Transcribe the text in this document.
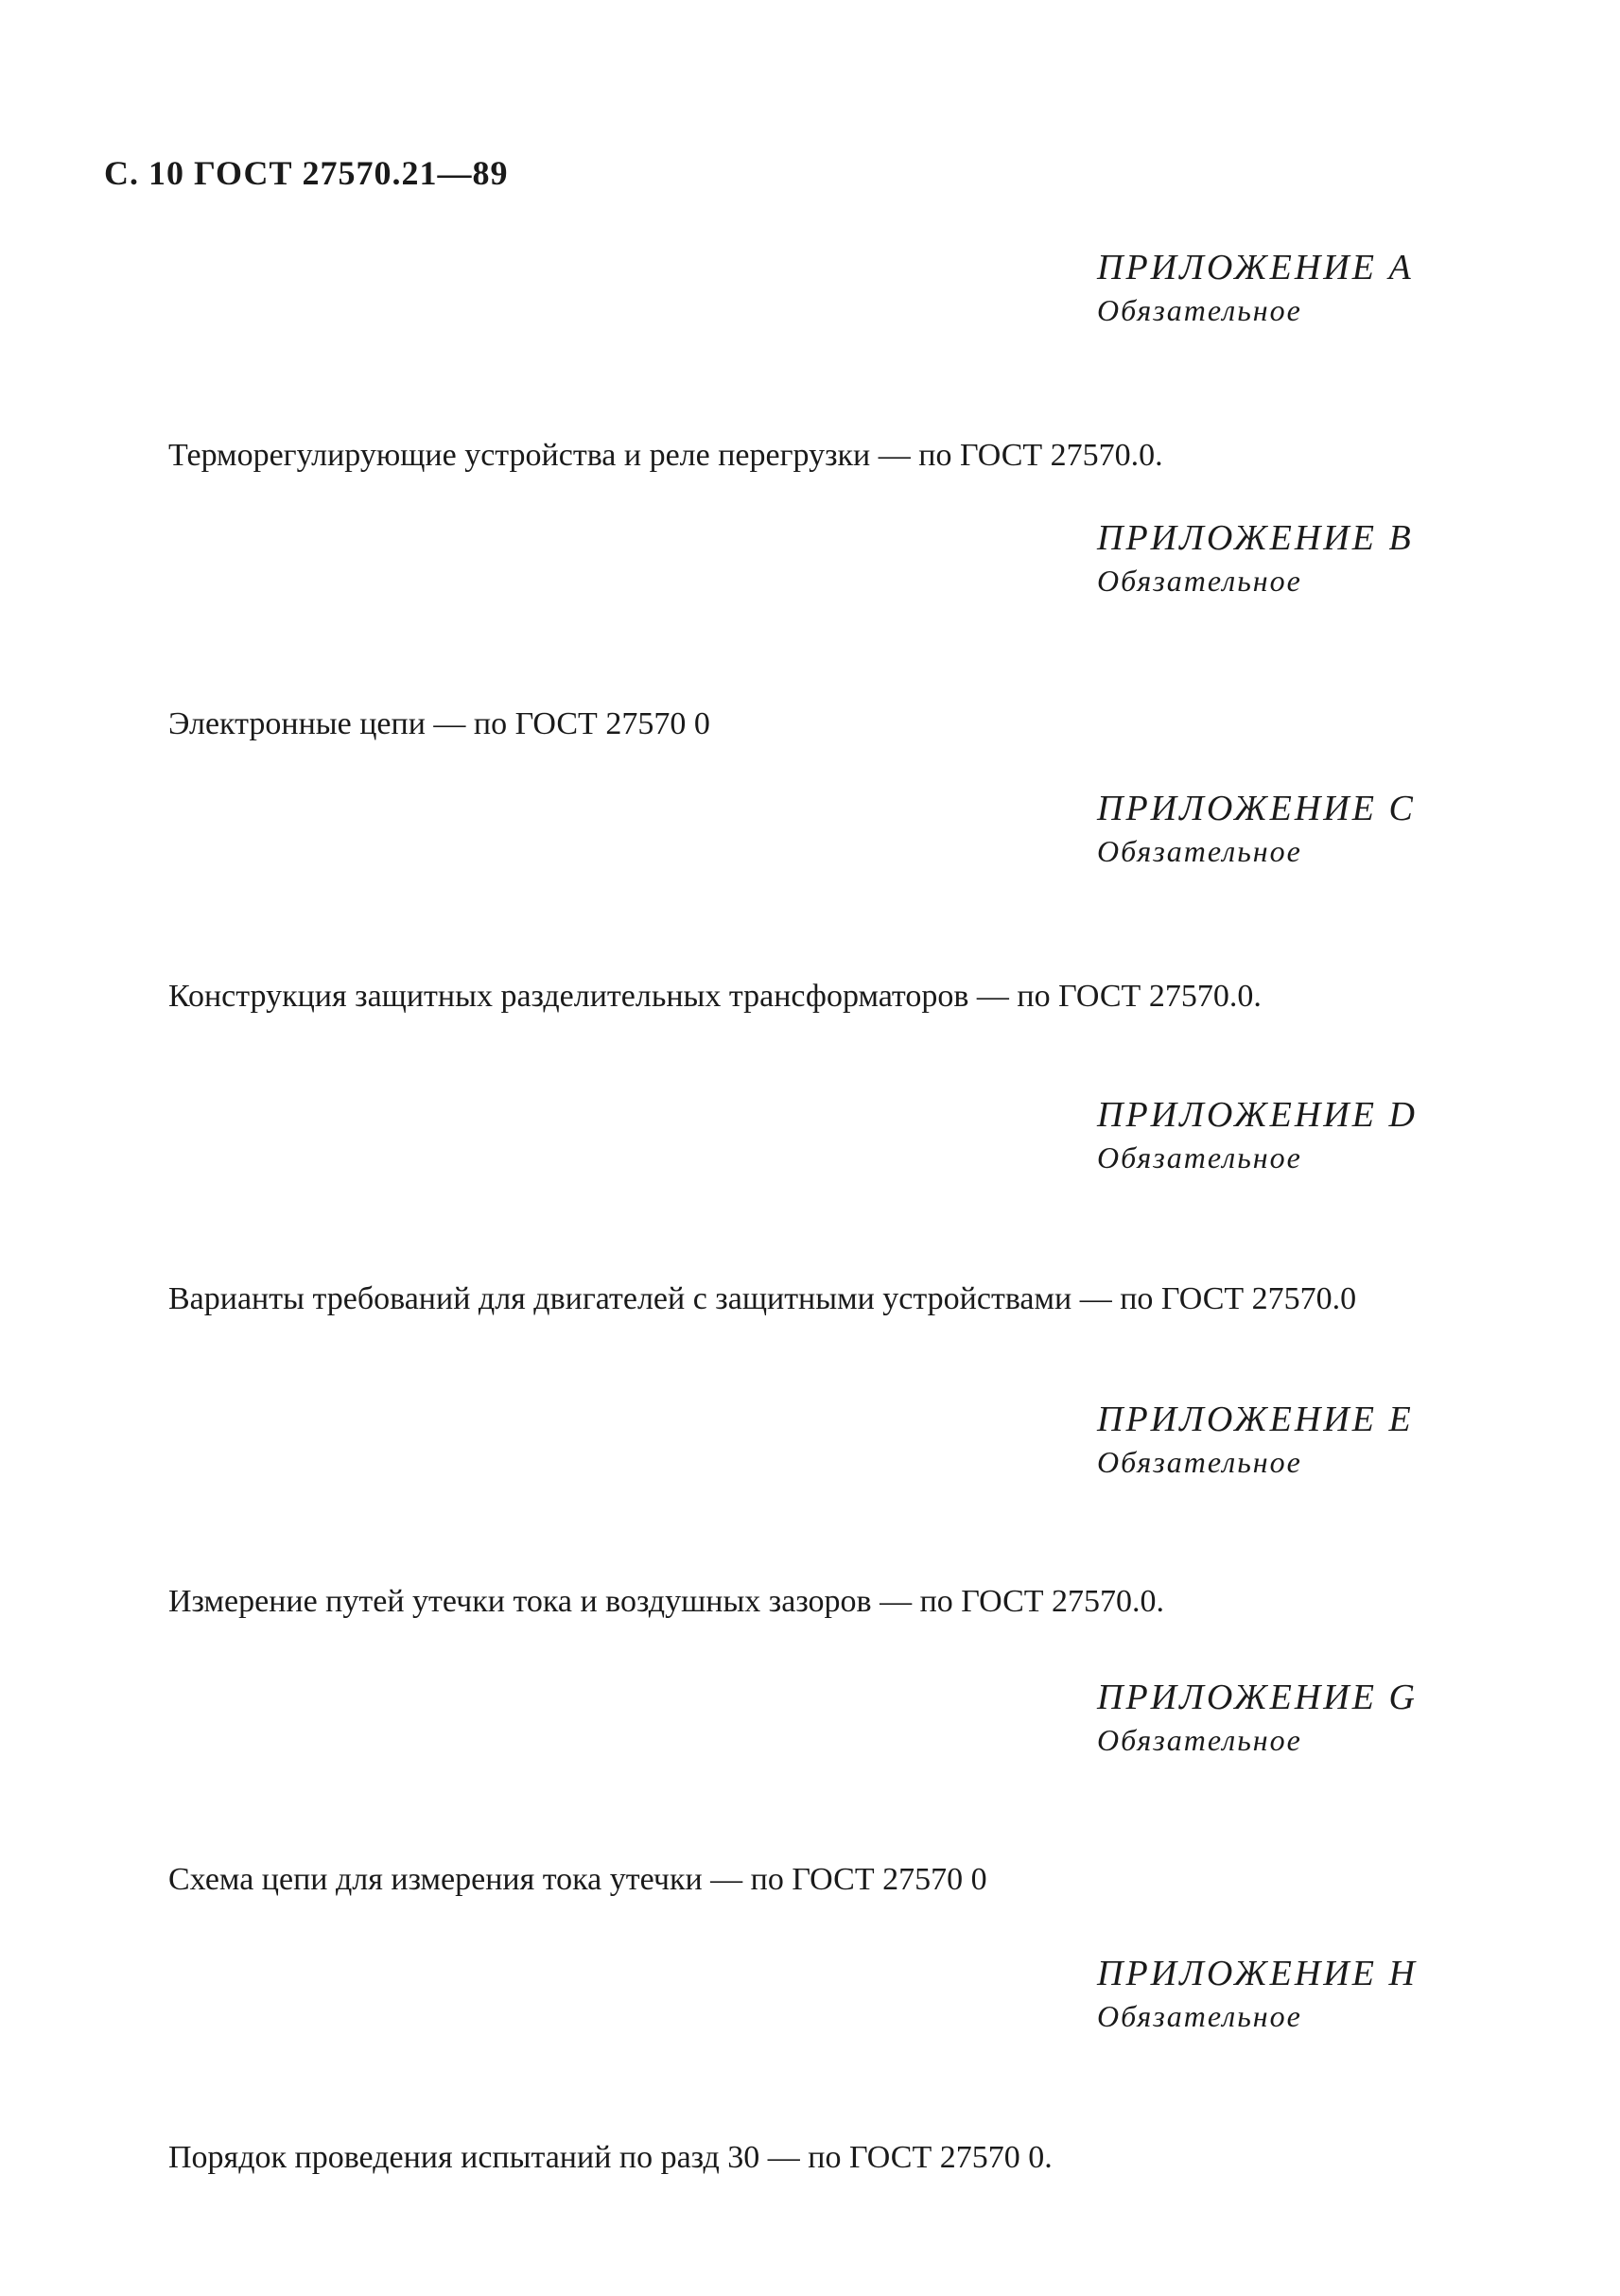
С. 10 ГОСТ 27570.21—89
ПРИЛОЖЕНИЕ A
Обязательное
Терморегулирующие устройства и реле перегрузки — по ГОСТ 27570.0.
ПРИЛОЖЕНИЕ B
Обязательное
Электронные цепи — по ГОСТ 27570 0
ПРИЛОЖЕНИЕ C
Обязательное
Конструкция защитных разделительных трансформаторов — по ГОСТ 27570.0.
ПРИЛОЖЕНИЕ D
Обязательное
Варианты требований для двигателей с защитными устройствами — по ГОСТ 27570.0
ПРИЛОЖЕНИЕ E
Обязательное
Измерение путей утечки тока и воздушных зазоров — по ГОСТ 27570.0.
ПРИЛОЖЕНИЕ G
Обязательное
Схема цепи для измерения тока утечки — по ГОСТ 27570 0
ПРИЛОЖЕНИЕ H
Обязательное
Порядок проведения испытаний по разд 30 — по ГОСТ 27570 0.
